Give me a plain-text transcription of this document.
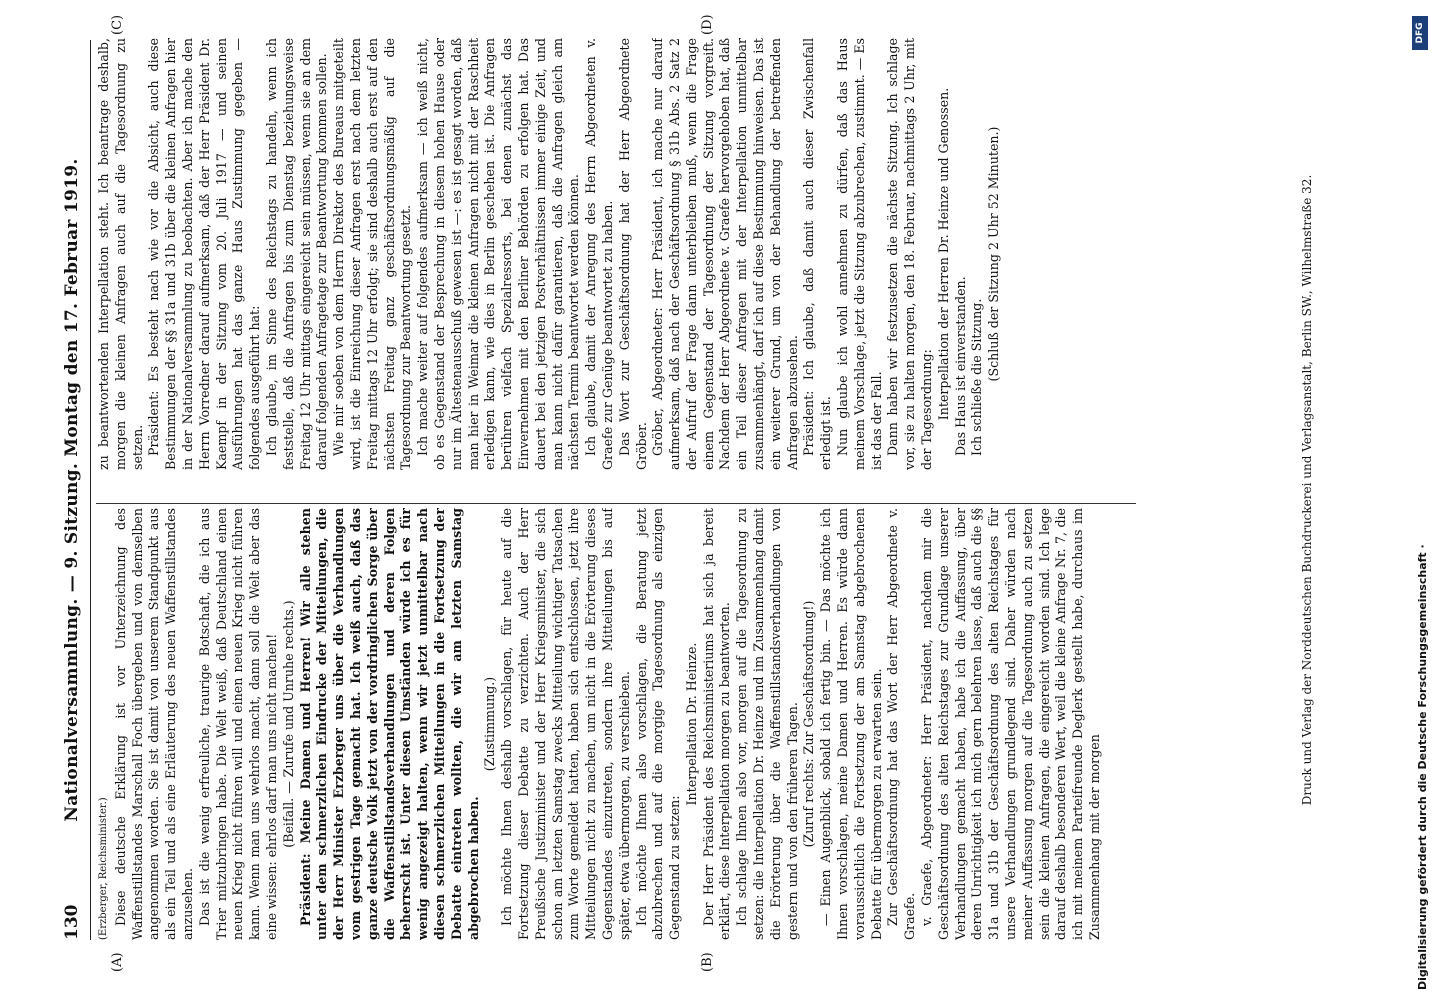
130
Nationalversammlung. — 9. Sitzung. Montag den 17. Februar 1919.
(A)	(B)
(C)	(D)

(Erzberger, Reichsminister.) Diese deutsche Erklärung ist vor Unterzeichnung des Waffenstillstandes Marschall Foch übergeben und von demselben angenommen worden. Sie ist damit von unserem Standpunkt aus als ein Teil und als eine Erläuterung des neuen Waffenstillstandes anzusehen. Das ist die wenig erfreuliche, traurige Botschaft, die ich aus Trier mitzubringen habe. Die Welt weiß, daß Deutschland einen neuen Krieg nicht führen will und einen neuen Krieg nicht führen kann. Wenn man uns wehrlos macht, dann soll die Welt aber das eine wissen: ehrlos darf man uns nicht machen! (Beifall. — Zurufe und Unruhe rechts.) Präsident: Meine Damen und Herren! Wir alle stehen unter dem schmerzlichen Eindrucke der Mitteilungen, die der Herr Minister Erzberger uns über die Verhandlungen vom gestrigen Tage gemacht hat. Ich weiß auch, daß das ganze deutsche Volk jetzt von der vordringlichen Sorge über die Waffenstillstandsverhandlungen und deren Folgen beherrscht ist. Unter diesen Umständen würde ich es für wenig angezeigt halten, wenn wir jetzt unmittelbar nach diesen schmerzlichen Mitteilungen in die Fortsetzung der Debatte eintreten wollten, die wir am letzten Samstag abgebrochen haben.

(Zustimmung.) Ich möchte Ihnen deshalb vorschlagen, für heute auf die Fortsetzung dieser Debatte zu verzichten. Auch der Herr Preußische Justizminister und der Herr Kriegsminister, die sich schon am letzten Samstag zwecks Mitteilung wichtiger Tatsachen zum Worte gemeldet hatten, haben sich entschlossen, jetzt ihre Mitteilungen nicht zu machen, um nicht in die Erörterung dieses Gegenstandes einzutreten, sondern ihre Mitteilungen bis auf später, etwa übermorgen, zu verschieben. Ich möchte Ihnen also vorschlagen, die Beratung jetzt abzubrechen und auf die morgige Tagesordnung als einzigen Gegenstand zu setzen:

Interpellation Dr. Heinze. Der Herr Präsident des Reichsministeriums hat sich ja bereit erklärt, diese Interpellation morgen zu beantworten. Ich schlage Ihnen also vor, morgen auf die Tagesordnung zu setzen: die Interpellation Dr. Heinze und im Zusammenhang damit die Erörterung über die Waffenstillstandsverhandlungen von gestern und von den früheren Tagen. (Zuruf rechts: Zur Geschäftsordnung!) — Einen Augenblick, sobald ich fertig bin. — Das möchte ich Ihnen vorschlagen, meine Damen und Herren. Es würde dann voraussichtlich die Fortsetzung der am Samstag abgebrochenen Debatte für übermorgen zu erwarten sein. Zur Geschäftsordnung hat das Wort der Herr Abgeordnete v. Graefe. v. Graefe, Abgeordneter: Herr Präsident, nachdem mir die Geschäftsordnung des alten Reichstages zur Grundlage unserer Verhandlungen gemacht haben, habe ich die Auffassung, über deren Unrichtigkeit ich mich gern belehren lasse, daß auch die §§ 31a und 31b der Geschäftsordnung des alten Reichstages für unsere Verhandlungen grundlegend sind. Daher würden nach meiner Auffassung morgen auf die Tagesordnung auch zu setzen sein die kleinen Anfragen, die eingereicht worden sind. Ich lege darauf deshalb besonderen Wert, weil die kleine Anfrage Nr. 7, die ich mit meinem Parteifreunde Deglerk gestellt habe, durchaus im Zusammenhang mit der morgen

zu beantwortenden Interpellation steht. Ich beantrage deshalb, morgen die kleinen Anfragen auch auf die Tagesordnung zu setzen. Präsident: Es besteht nach wie vor die Absicht, auch diese Bestimmungen der §§ 31a und 31b über die kleinen Anfragen hier in der Nationalversammlung zu beobachten. Aber ich mache den Herrn Vorredner darauf aufmerksam, daß der Herr Präsident Dr. Kaempf in der Sitzung vom 20. Juli 1917 — und seinen Ausführungen hat das ganze Haus Zustimmung gegeben — folgendes ausgeführt hat: Ich glaube, im Sinne des Reichstags zu handeln, wenn ich feststelle, daß die Anfragen bis zum Dienstag beziehungsweise Freitag 12 Uhr mittags eingereicht sein müssen, wenn sie an dem darauf folgenden Anfragetage zur Beantwortung kommen sollen. Wie mir soeben von dem Herrn Direktor des Bureaus mitgeteilt wird, ist die Einreichung dieser Anfragen erst nach dem letzten Freitag mittags 12 Uhr erfolgt; sie sind deshalb auch erst auf den nächsten Freitag ganz geschäftsordnungsmäßig auf die Tagesordnung zur Beantwortung gesetzt. Ich mache weiter auf folgendes aufmerksam — ich weiß nicht, ob es Gegenstand der Besprechung in diesem hohen Hause oder nur im Ältestenausschuß gewesen ist —: es ist gesagt worden, daß man hier in Weimar die kleinen Anfragen nicht mit der Raschheit erledigen kann, wie dies in Berlin geschehen ist. Die Anfragen berühren vielfach Spezialressorts, bei denen zunächst das Einvernehmen mit den Berliner Behörden zu erfolgen hat. Das dauert bei den jetzigen Postverhältnissen immer einige Zeit, und man kann nicht dafür garantieren, daß die Anfragen gleich am nächsten Termin beantwortet werden können. Ich glaube, damit der Anregung des Herrn Abgeordneten v. Graefe zur Genüge beantwortet zu haben. Das Wort zur Geschäftsordnung hat der Herr Abgeordnete Gröber. Gröber, Abgeordneter: Herr Präsident, ich mache nur darauf aufmerksam, daß nach der Geschäftsordnung § 31b Abs. 2 Satz 2 der Aufruf der Frage dann unterbleiben muß, wenn die Frage einem Gegenstand der Tagesordnung der Sitzung vorgreift. Nachdem der Herr Abgeordnete v. Graefe hervorgehoben hat, daß ein Teil dieser Anfragen mit der Interpellation unmittelbar zusammenhängt, darf ich auf diese Bestimmung hinweisen. Das ist ein weiterer Grund, um von der Behandlung der betreffenden Anfragen abzusehen. Präsident: Ich glaube, daß damit auch dieser Zwischenfall erledigt ist. Nun glaube ich wohl annehmen zu dürfen, daß das Haus meinem Vorschlage, jetzt die Sitzung abzubrechen, zustimmt. — Es ist das der Fall. Dann haben wir festzusetzen die nächste Sitzung. Ich schlage vor, sie zu halten morgen, den 18. Februar, nachmittags 2 Uhr, mit der Tagesordnung: Interpellation der Herren Dr. Heinze und Genossen. Das Haus ist einverstanden. Ich schließe die Sitzung. (Schluß der Sitzung 2 Uhr 52 Minuten.)	Druck und Verlag der Norddeutschen Buchdruckerei und Verlagsanstalt, Berlin SW., Wilhelmstraße 32.	Digitalisierung gefördert durch die Deutsche Forschungsgemeinschaft ·
DFG
